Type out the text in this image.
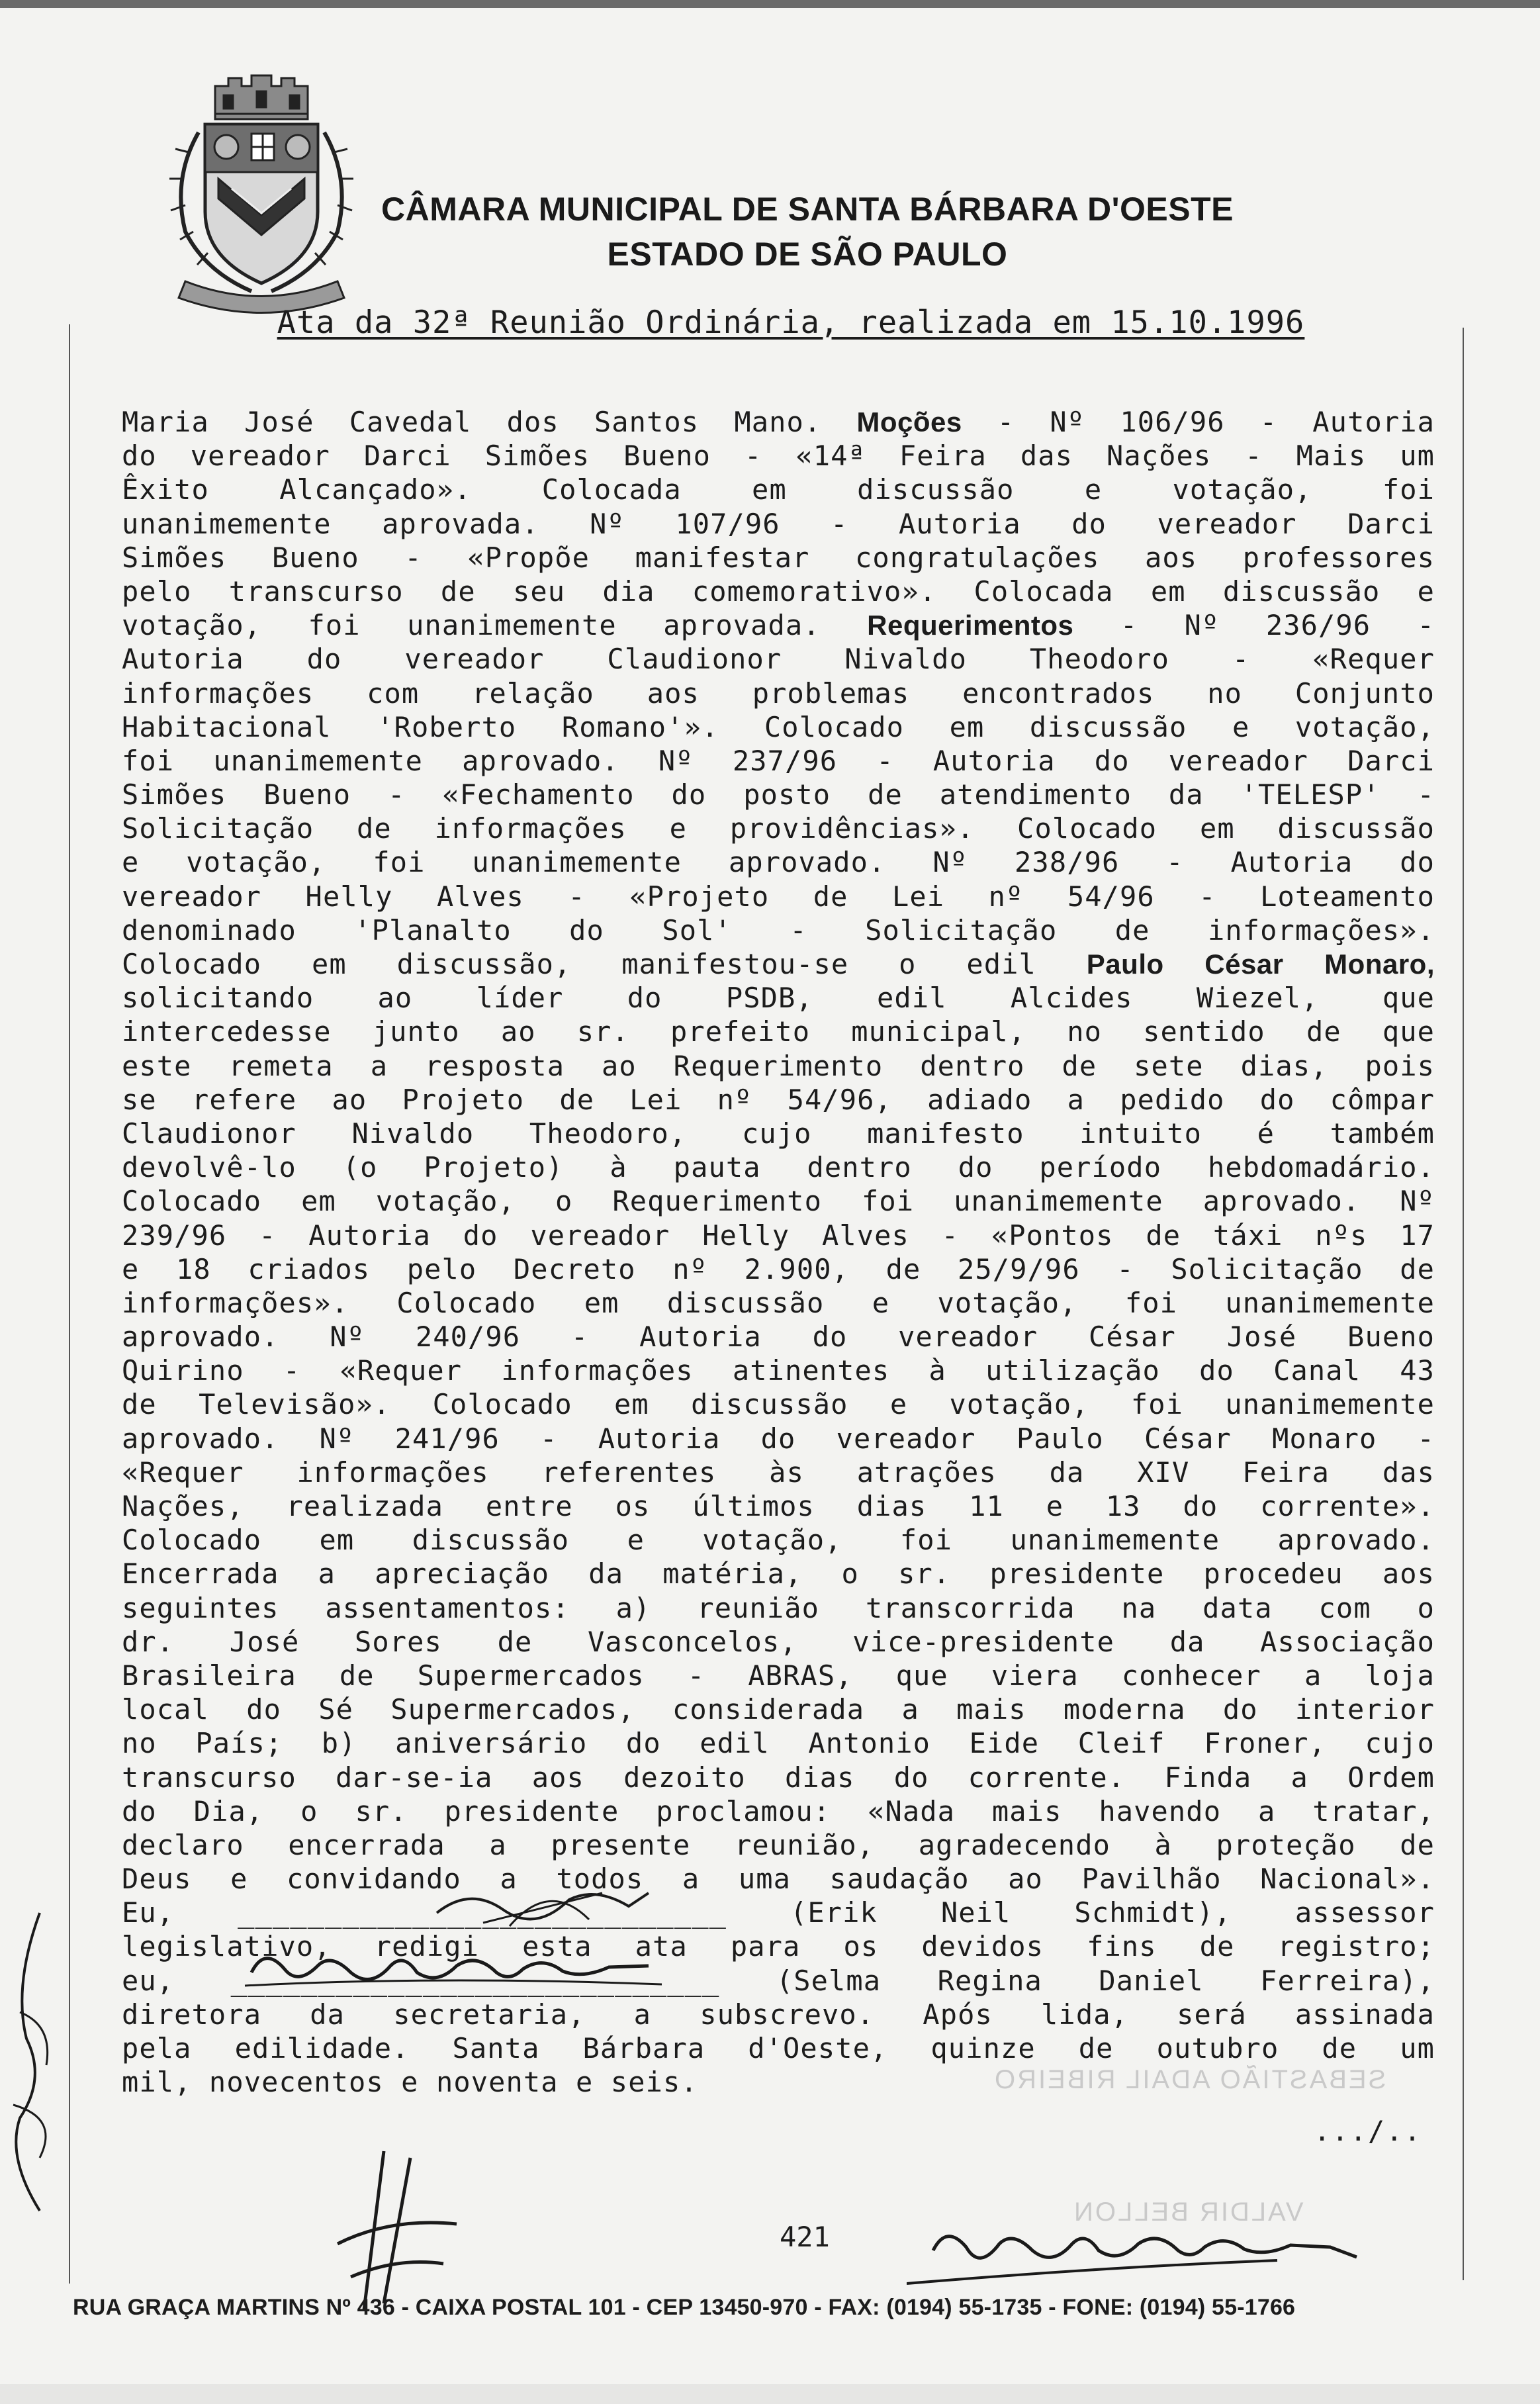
CÂMARA MUNICIPAL DE SANTA BÁRBARA D'OESTE
ESTADO DE SÃO PAULO
Ata da 32ª Reunião Ordinária, realizada em 15.10.1996
SEBASTIÃO ADAIL RIBEIRO
VALDIR BELLON
Maria José Cavedal dos Santos Mano. Moções - Nº 106/96 - Autoria
do vereador Darci Simões Bueno - «14ª Feira das Nações - Mais um
Êxito Alcançado». Colocada em discussão e votação, foi
unanimemente aprovada. Nº 107/96 - Autoria do vereador Darci
Simões Bueno - «Propõe manifestar congratulações aos professores
pelo transcurso de seu dia comemorativo». Colocada em discussão e
votação, foi unanimemente aprovada. Requerimentos - Nº 236/96 -
Autoria do vereador Claudionor Nivaldo Theodoro - «Requer
informações com relação aos problemas encontrados no Conjunto
Habitacional 'Roberto Romano'». Colocado em discussão e votação,
foi unanimemente aprovado. Nº 237/96 - Autoria do vereador Darci
Simões Bueno - «Fechamento do posto de atendimento da 'TELESP' -
Solicitação de informações e providências». Colocado em discussão
e votação, foi unanimemente aprovado. Nº 238/96 - Autoria do
vereador Helly Alves - «Projeto de Lei nº 54/96 - Loteamento
denominado 'Planalto do Sol' - Solicitação de informações».
Colocado em discussão, manifestou-se o edil Paulo César Monaro,
solicitando ao líder do PSDB, edil Alcides Wiezel, que
intercedesse junto ao sr. prefeito municipal, no sentido de que
este remeta a resposta ao Requerimento dentro de sete dias, pois
se refere ao Projeto de Lei nº 54/96, adiado a pedido do cômpar
Claudionor Nivaldo Theodoro, cujo manifesto intuito é também
devolvê-lo (o Projeto) à pauta dentro do período hebdomadário.
Colocado em votação, o Requerimento foi unanimemente aprovado. Nº
239/96 - Autoria do vereador Helly Alves - «Pontos de táxi nºs 17
e 18 criados pelo Decreto nº 2.900, de 25/9/96 - Solicitação de
informações». Colocado em discussão e votação, foi unanimemente
aprovado. Nº 240/96 - Autoria do vereador César José Bueno
Quirino - «Requer informações atinentes à utilização do Canal 43
de Televisão». Colocado em discussão e votação, foi unanimemente
aprovado. Nº 241/96 - Autoria do vereador Paulo César Monaro -
«Requer informações referentes às atrações da XIV Feira das
Nações, realizada entre os últimos dias 11 e 13 do corrente».
Colocado em discussão e votação, foi unanimemente aprovado.
Encerrada a apreciação da matéria, o sr. presidente procedeu aos
seguintes assentamentos: a) reunião transcorrida na data com o
dr. José Sores de Vasconcelos, vice-presidente da Associação
Brasileira de Supermercados - ABRAS, que viera conhecer a loja
local do Sé Supermercados, considerada a mais moderna do interior
no País; b) aniversário do edil Antonio Eide Cleif Froner, cujo
transcurso dar-se-ia aos dezoito dias do corrente. Finda a Ordem
do Dia, o sr. presidente proclamou: «Nada mais havendo a tratar,
declaro encerrada a presente reunião, agradecendo à proteção de
Deus e convidando a todos a uma saudação ao Pavilhão Nacional».
Eu, ____________________________ (Erik Neil Schmidt), assessor
legislativo, redigi esta ata para os devidos fins de registro;
eu, ____________________________ (Selma Regina Daniel Ferreira),
diretora da secretaria, a subscrevo. Após lida, será assinada
pela edilidade. Santa Bárbara d'Oeste, quinze de outubro de um
mil, novecentos e noventa e seis.
.../..
421
RUA GRAÇA MARTINS Nº 436 - CAIXA POSTAL 101 - CEP 13450-970 - FAX: (0194) 55-1735 - FONE: (0194) 55-1766
